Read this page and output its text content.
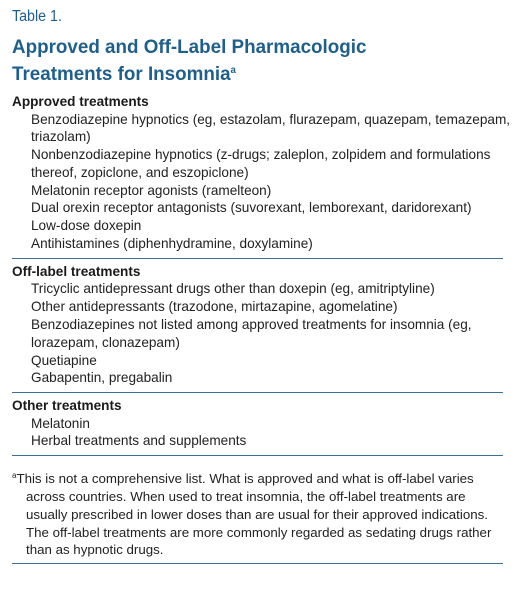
Table 1.
Approved and Off-Label Pharmacologic
Treatments for Insomnia$^a$
Approved treatments
Benzodiazepine hypnotics (eg, estazolam, flurazepam, quazepam, temazepam,
triazolam)
Nonbenzodiazepine hypnotics (z-drugs; zaleplon, zolpidem and formulations
thereof, zopiclone, and eszopiclone)
Melatonin receptor agonists (ramelteon)
Dual orexin receptor antagonists (suvorexant, lemborexant, daridorexant)
Low-dose doxepin
Antihistamines (diphenhydramine, doxylamine)
Off-label treatments
Tricyclic antidepressant drugs other than doxepin (eg, amitriptyline)
Other antidepressants (trazodone, mirtazapine, agomelatine)
Benzodiazepines not listed among approved treatments for insomnia (eg,
lorazepam, clonazepam)
Quetiapine
Gabapentin, pregabalin
Other treatments
Melatonin
Herbal treatments and supplements
$^a$This is not a comprehensive list. What is approved and what is off-label varies
across countries. When used to treat insomnia, the off-label treatments are
usually prescribed in lower doses than are usual for their approved indications.
The off-label treatments are more commonly regarded as sedating drugs rather
than as hypnotic drugs.
